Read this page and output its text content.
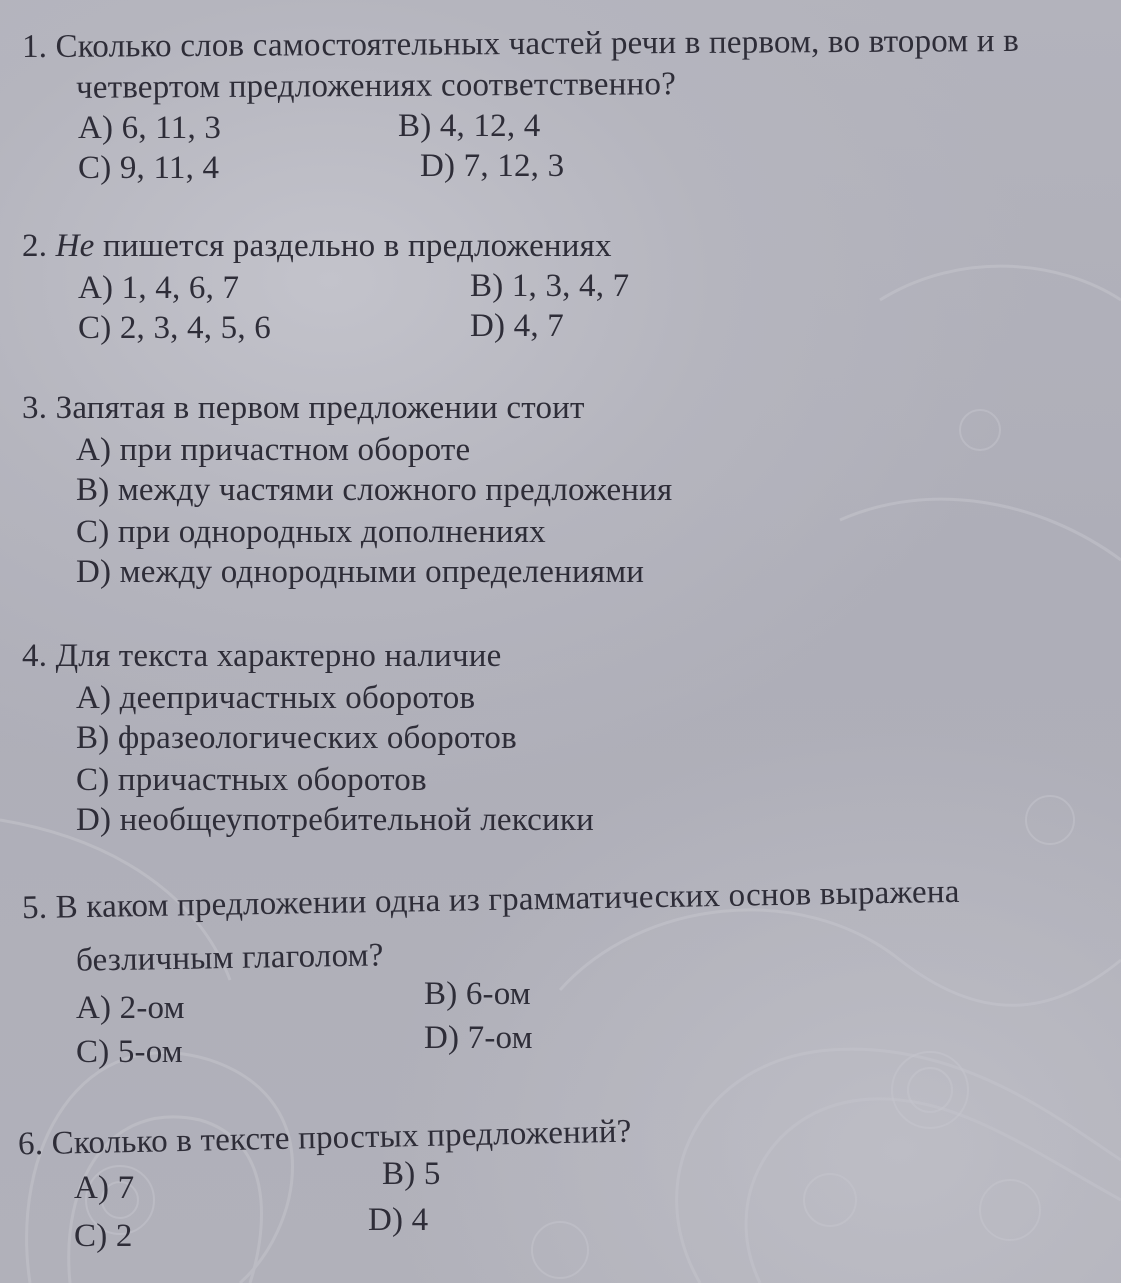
1. Сколько слов самостоятельных частей речи в первом, во втором и в
четвертом предложениях соответственно?
A) 6, 11, 3	B) 4, 12, 4
C) 9, 11, 4	D) 7, 12, 3
2. Не пишется раздельно в предложениях
A) 1, 4, 6, 7	B) 1, 3, 4, 7
C) 2, 3, 4, 5, 6	D) 4, 7
3. Запятая в первом предложении стоит
A) при причастном обороте
B) между частями сложного предложения
C) при однородных дополнениях
D) между однородными определениями
4. Для текста характерно наличие
A) деепричастных оборотов
B) фразеологических оборотов
C) причастных оборотов
D) необщеупотребительной лексики
5. В каком предложении одна из грамматических основ выражена
безличным глаголом?
A) 2-ом	B) 6-ом
C) 5-ом	D) 7-ом
6. Сколько в тексте простых предложений?
A) 7	B) 5
C) 2	D) 4
